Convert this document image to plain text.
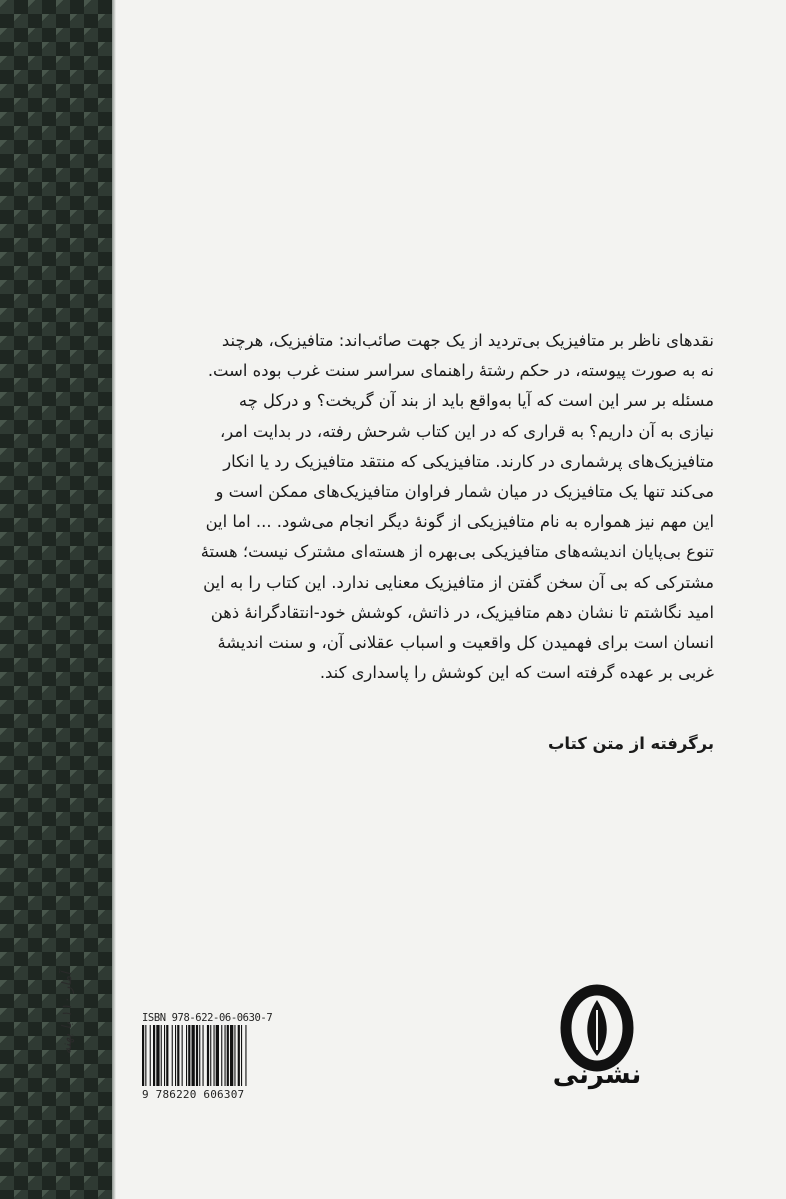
نقدهای ناظر بر متافیزیک بی‌تردید از یک جهت صائب‌اند: متافیزیک، هرچند
نه به صورت پیوسته، در حکم رشتهٔ راهنمای سراسر سنت غرب بوده است.
مسئله بر سر این است که آیا به‌واقع باید از بند آن گریخت؟ و درکل چه
نیازی به آن داریم؟ به قراری که در این کتاب شرحش رفته، در بدایت امر،
متافیزیک‌های پرشماری در کارند. متافیزیکی که منتقد متافیزیک رد یا انکار
می‌کند تنها یک متافیزیک در میان شمار فراوان متافیزیک‌های ممکن است و
این مهم نیز همواره به نام متافیزیکی از گونهٔ دیگر انجام می‌شود. ... اما این
تنوع بی‌پایان اندیشه‌های متافیزیکی بی‌بهره از هسته‌ای مشترک نیست؛ هستهٔ
مشترکی که بی آن سخن گفتن از متافیزیک معنایی ندارد. این کتاب را به این
امید نگاشتم تا نشان دهم متافیزیک، در ذاتش، کوشش خود-انتقادگرانهٔ ذهن
انسان است برای فهمیدن کل واقعیت و اسباب عقلانی آن، و سنت اندیشهٔ
غربی بر عهده گرفته است که این کوشش را پاسداری کند.
برگرفته از متن کتاب
ISBN 978-622-06-0630-7
9 786220 606307
نشرنی
آمار ۱۱۰ با پهنه
